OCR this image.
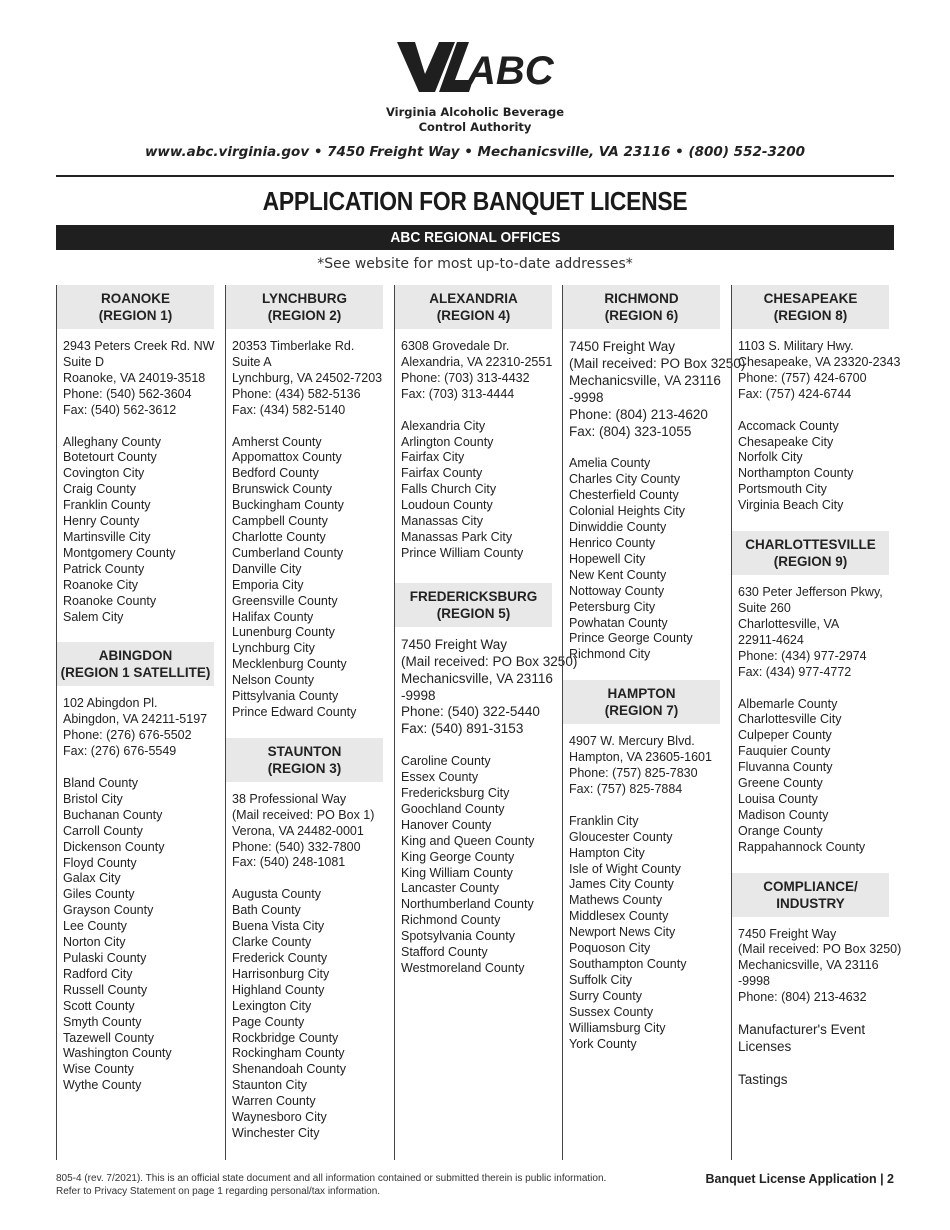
ABC
Virginia Alcoholic Beverage
Control Authority
www.abc.virginia.gov • 7450 Freight Way • Mechanicsville, VA 23116 • (800) 552-3200
APPLICATION FOR BANQUET LICENSE
ABC REGIONAL OFFICES
*See website for most up-to-date addresses*
ROANOKE
(REGION 1)
2943 Peters Creek Rd. NW
Suite D
Roanoke, VA 24019-3518
Phone: (540) 562-3604
Fax: (540) 562-3612
Alleghany County
Botetourt County
Covington City
Craig County
Franklin County
Henry County
Martinsville City
Montgomery County
Patrick County
Roanoke City
Roanoke County
Salem City
ABINGDON
(REGION 1 SATELLITE)
102 Abingdon Pl.
Abingdon, VA 24211-5197
Phone: (276) 676-5502
Fax: (276) 676-5549
Bland County
Bristol City
Buchanan County
Carroll County
Dickenson County
Floyd County
Galax City
Giles County
Grayson County
Lee County
Norton City
Pulaski County
Radford City
Russell County
Scott County
Smyth County
Tazewell County
Washington County
Wise County
Wythe County
LYNCHBURG
(REGION 2)
20353 Timberlake Rd.
Suite A
Lynchburg, VA 24502-7203
Phone: (434) 582-5136
Fax: (434) 582-5140
Amherst County
Appomattox County
Bedford County
Brunswick County
Buckingham County
Campbell County
Charlotte County
Cumberland County
Danville City
Emporia City
Greensville County
Halifax County
Lunenburg County
Lynchburg City
Mecklenburg County
Nelson County
Pittsylvania County
Prince Edward County
STAUNTON
(REGION 3)
38 Professional Way
(Mail received: PO Box 1)
Verona, VA 24482-0001
Phone: (540) 332-7800
Fax: (540) 248-1081
Augusta County
Bath County
Buena Vista City
Clarke County
Frederick County
Harrisonburg City
Highland County
Lexington City
Page County
Rockbridge County
Rockingham County
Shenandoah County
Staunton City
Warren County
Waynesboro City
Winchester City
ALEXANDRIA
(REGION 4)
6308 Grovedale Dr.
Alexandria, VA 22310-2551
Phone: (703) 313-4432
Fax: (703) 313-4444
Alexandria City
Arlington County
Fairfax City
Fairfax County
Falls Church City
Loudoun County
Manassas City
Manassas Park City
Prince William County
FREDERICKSBURG
(REGION 5)
7450 Freight Way
(Mail received: PO Box 3250)
Mechanicsville, VA 23116
-9998
Phone: (540) 322-5440
Fax: (540) 891-3153
Caroline County
Essex County
Fredericksburg City
Goochland County
Hanover County
King and Queen County
King George County
King William County
Lancaster County
Northumberland County
Richmond County
Spotsylvania County
Stafford County
Westmoreland County
RICHMOND
(REGION 6)
7450 Freight Way
(Mail received: PO Box 3250)
Mechanicsville, VA 23116
-9998
Phone: (804) 213-4620
Fax: (804) 323-1055
Amelia County
Charles City County
Chesterfield County
Colonial Heights City
Dinwiddie County
Henrico County
Hopewell City
New Kent County
Nottoway County
Petersburg City
Powhatan County
Prince George County
Richmond City
HAMPTON
(REGION 7)
4907 W. Mercury Blvd.
Hampton, VA 23605-1601
Phone: (757) 825-7830
Fax: (757) 825-7884
Franklin City
Gloucester County
Hampton City
Isle of Wight County
James City County
Mathews County
Middlesex County
Newport News City
Poquoson City
Southampton County
Suffolk City
Surry County
Sussex County
Williamsburg City
York County
CHESAPEAKE
(REGION 8)
1103 S. Military Hwy.
Chesapeake, VA 23320-2343
Phone: (757) 424-6700
Fax: (757) 424-6744
Accomack County
Chesapeake City
Norfolk City
Northampton County
Portsmouth City
Virginia Beach City
CHARLOTTESVILLE
(REGION 9)
630 Peter Jefferson Pkwy,
Suite 260
Charlottesville, VA
22911-4624
Phone: (434) 977-2974
Fax: (434) 977-4772
Albemarle County
Charlottesville City
Culpeper County
Fauquier County
Fluvanna County
Greene County
Louisa County
Madison County
Orange County
Rappahannock County
COMPLIANCE/
INDUSTRY
7450 Freight Way
(Mail received: PO Box 3250)
Mechanicsville, VA 23116
-9998
Phone: (804) 213-4632
Manufacturer's Event
Licenses
Tastings
805-4 (rev. 7/2021). This is an official state document and all information contained or submitted therein is public information.
Refer to Privacy Statement on page 1 regarding personal/tax information.
Banquet License Application | 2
